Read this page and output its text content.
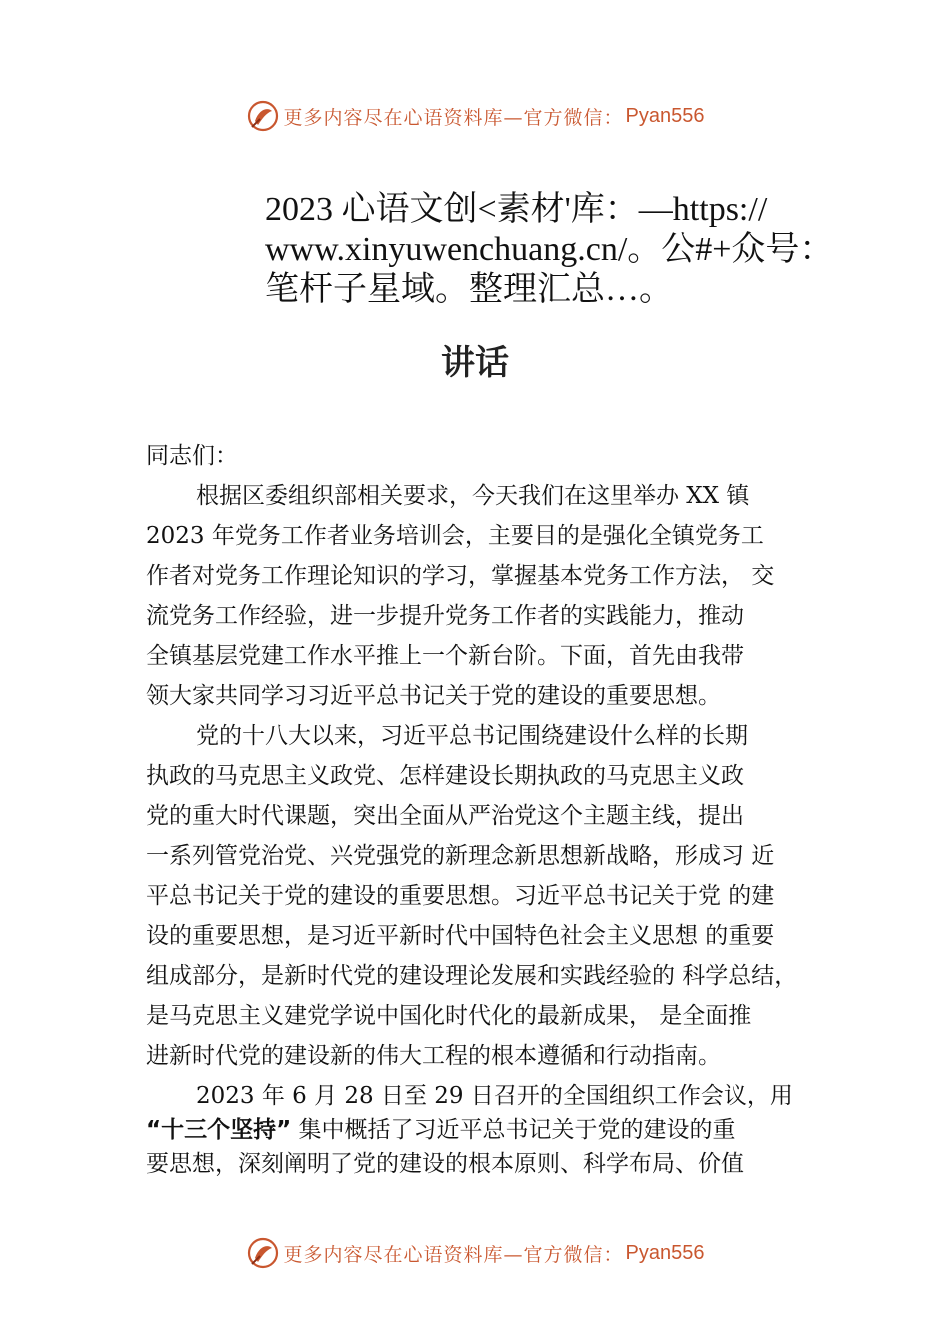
更多内容尽在心语资料库—官方微信： Pyan556
2023 心语文创<素材'库：—https://
www.xinyuwenchuang.cn/。公#+众号：
笔杆子星域。整理汇总…。
讲话
同志们：
根据区委组织部相关要求，今天我们在这里举办 XX 镇
2023 年党务工作者业务培训会，主要目的是强化全镇党务工
作者对党务工作理论知识的学习，掌握基本党务工作方法， 交
流党务工作经验，进一步提升党务工作者的实践能力，推动
全镇基层党建工作水平推上一个新台阶。下面，首先由我带
领大家共同学习习近平总书记关于党的建设的重要思想。
党的十八大以来，习近平总书记围绕建设什么样的长期
执政的马克思主义政党、怎样建设长期执政的马克思主义政
党的重大时代课题，突出全面从严治党这个主题主线，提出
一系列管党治党、兴党强党的新理念新思想新战略，形成习 近
平总书记关于党的建设的重要思想。习近平总书记关于党 的建
设的重要思想，是习近平新时代中国特色社会主义思想 的重要
组成部分，是新时代党的建设理论发展和实践经验的 科学总结，
是马克思主义建党学说中国化时代化的最新成果， 是全面推
进新时代党的建设新的伟大工程的根本遵循和行动指南。
2023 年 6 月 28 日至 29 日召开的全国组织工作会议，用
“十三个坚持” 集中概括了习近平总书记关于党的建设的重
要思想，深刻阐明了党的建设的根本原则、科学布局、价值
更多内容尽在心语资料库—官方微信： Pyan556
